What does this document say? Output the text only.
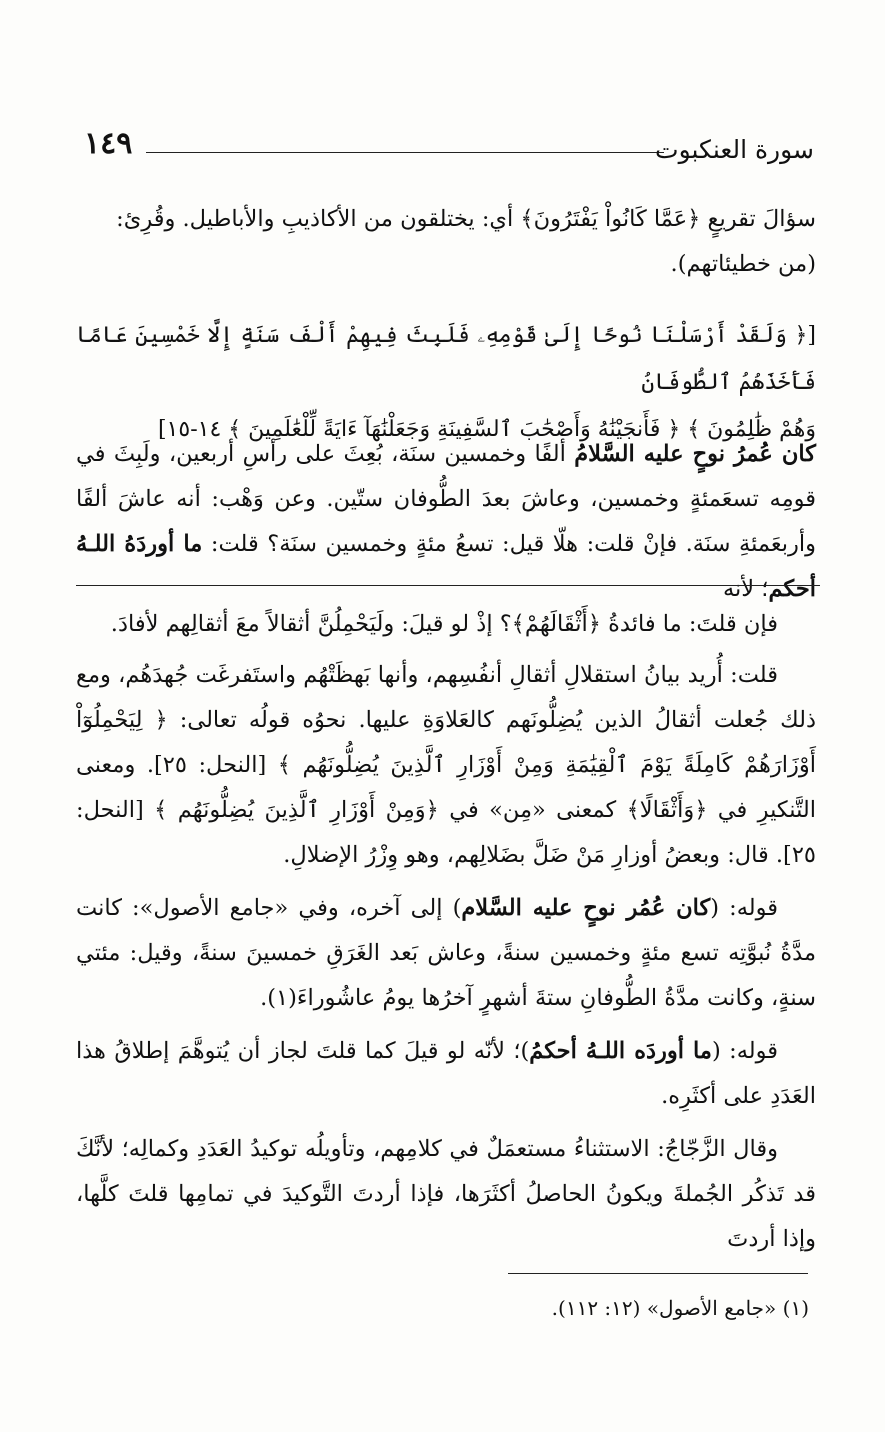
١٤٩	سورة العنكبوت

سؤالَ تقريعٍ ﴿عَمَّا كَانُواْ يَفْتَرُونَ﴾ أي: يختلقون من الأكاذيبِ والأباطيل. وقُرِئ:
(من خطيئاتهم).

[﴿ وَلَقَدْ أَرْسَلْنَا نُوحًا إِلَىٰ قَوْمِهِۦ فَلَبِثَ فِيهِمْ أَلْفَ سَنَةٍ إِلَّا خَمْسِينَ عَامًا فَأَخَذَهُمُ ٱلطُّوفَانُ
وَهُمْ ظَٰلِمُونَ ﴾ ﴿ فَأَنجَيْنَٰهُ وَأَصْحَٰبَ ٱلسَّفِينَةِ وَجَعَلْنَٰهَآ ءَايَةً لِّلْعَٰلَمِينَ ﴾ ١٤-١٥]

كان عُمرُ نوحٍ عليه السَّلامُ ألفًا وخمسين سنَة، بُعِثَ على رأسِ أربعين، ولَبِثَ في قومِه تسعَمئةٍ وخمسين، وعاشَ بعدَ الطُّوفان ستّين. وعن وَهْب: أنه عاشَ ألفًا وأربعَمئةِ سنَة. فإنْ قلت: هلّا قيل: تسعُ مئةٍ وخمسين سنَة؟ قلت: ما أوردَهُ اللـهُ أحكم؛ لأنه

فإن قلتَ: ما فائدةُ ﴿أَثْقَالَهُمْ﴾؟ إذْ لو قيلَ: ولَيَحْمِلُنَّ أثقالاً معَ أثقالِهم لأفادَ.

قلت: أُريد بيانُ استقلالِ أثقالِ أنفُسِهم، وأنها بَهظَتْهُم واستَفرغَت جُهدَهُم، ومع ذلك جُعلت أثقالُ الذين يُضِلُّونَهم كالعَلاوَةِ عليها. نحوُه قولُه تعالى: ﴿ لِيَحْمِلُوٓاْ أَوْزَارَهُمْ كَامِلَةً يَوْمَ ٱلْقِيَٰمَةِ وَمِنْ أَوْزَارِ ٱلَّذِينَ يُضِلُّونَهُم ﴾ [النحل: ٢٥]. ومعنى التَّنكيرِ في ﴿وَأَثْقَالًا﴾ كمعنى «مِن» في ﴿وَمِنْ أَوْزَارِ ٱلَّذِينَ يُضِلُّونَهُم ﴾ [النحل: ٢٥]. قال: وبعضُ أوزارِ مَنْ ضَلَّ بضَلالِهم، وهو وِزْرُ الإضلالِ.

قوله: (كان عُمُر نوحٍ عليه السَّلام) إلى آخره، وفي «جامع الأصول»: كانت مدَّةُ نُبوَّتِه تسع مئةٍ وخمسين سنةً، وعاش بَعد الغَرَقِ خمسينَ سنةً، وقيل: مئتي سنةٍ، وكانت مدَّةُ الطُّوفانِ ستةَ أشهرٍ آخرُها يومُ عاشُوراءَ(١).

قوله: (ما أوردَه اللـهُ أحكمُ)؛ لأنّه لو قيلَ كما قلتَ لجاز أن يُتوهَّمَ إطلاقُ هذا العَدَدِ على أكثَرِه.

وقال الزَّجّاجُ: الاستثناءُ مستعمَلٌ في كلامِهم، وتأويلُه توكيدُ العَدَدِ وكمالِه؛ لأنَّكَ قد تَذكُر الجُملةَ ويكونُ الحاصلُ أكثَرَها، فإذا أردتَ التَّوكيدَ في تمامِها قلتَ كلَّها، وإذا أردتَ

(١) «جامع الأصول» (١٢: ١١٢).
